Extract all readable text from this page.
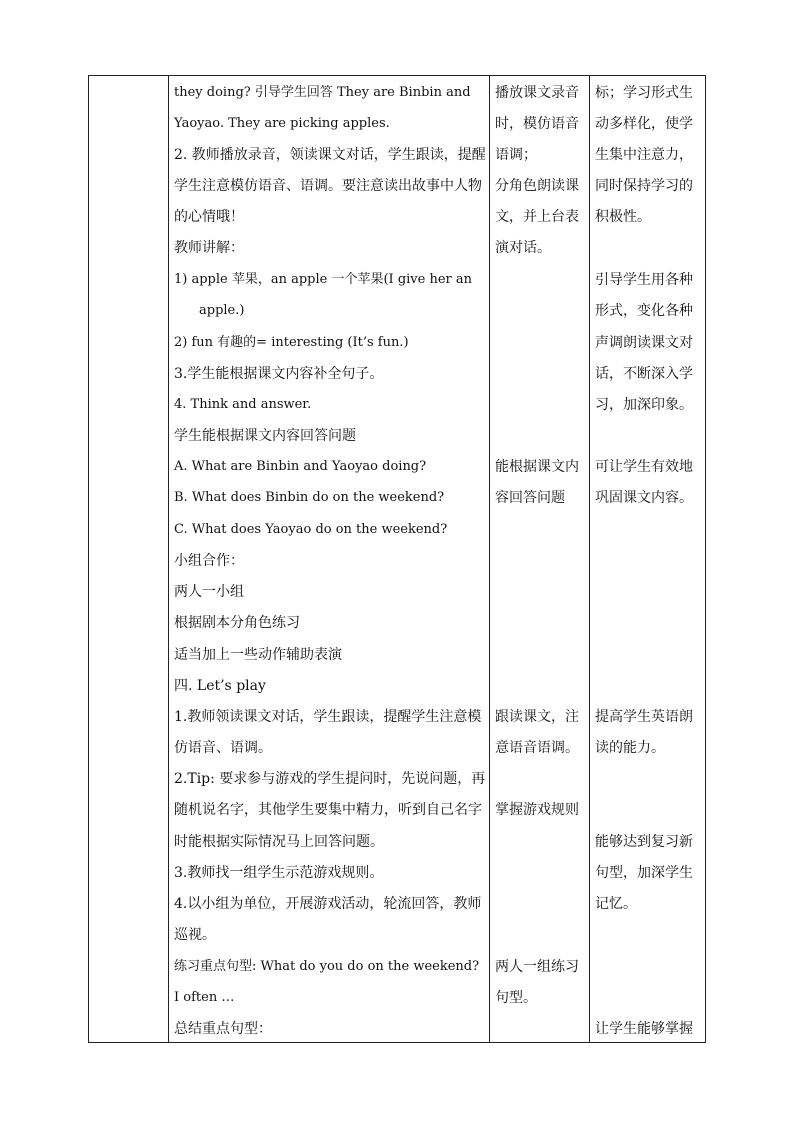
they doing? 引导学生回答 They are Binbin and
Yaoyao. They are picking apples.
2. 教师播放录音，领读课文对话，学生跟读，提醒
学生注意模仿语音、语调。要注意读出故事中人物
的心情哦！
教师讲解：
1) apple 苹果，an apple 一个苹果(I give her an
apple.)
2) fun 有趣的= interesting (It’s fun.)
3.学生能根据课文内容补全句子。
4. Think and answer.
学生能根据课文内容回答问题
A. What are Binbin and Yaoyao doing?
B. What does Binbin do on the weekend?
C. What does Yaoyao do on the weekend?
小组合作：
两人一小组
根据剧本分角色练习
适当加上一些动作辅助表演
四. Let’s play
1.教师领读课文对话，学生跟读，提醒学生注意模
仿语音、语调。
2.Tip: 要求参与游戏的学生提问时，先说问题，再
随机说名字，其他学生要集中精力，听到自己名字
时能根据实际情况马上回答问题。
3.教师找一组学生示范游戏规则。
4.以小组为单位，开展游戏活动，轮流回答，教师
巡视。
练习重点句型: What do you do on the weekend?
I often …
总结重点句型：
播放课文录音
时，模仿语音
语调；
分角色朗读课
文，并上台表
演对话。
能根据课文内
容回答问题
跟读课文，注
意语音语调。
掌握游戏规则
两人一组练习
句型。
标；学习形式生
动多样化，使学
生集中注意力，
同时保持学习的
积极性。
引导学生用各种
形式，变化各种
声调朗读课文对
话，不断深入学
习，加深印象。
可让学生有效地
巩固课文内容。
提高学生英语朗
读的能力。
能够达到复习新
句型，加深学生
记忆。
让学生能够掌握
